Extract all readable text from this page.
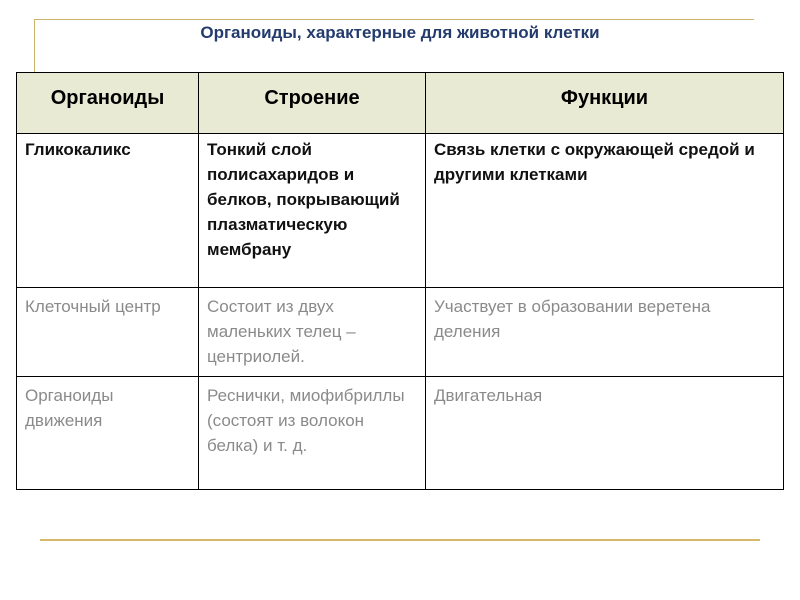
Органоиды, характерные для животной клетки
Органоиды	Строение	Функции
Гликокаликс	Тонкий слой полисахаридов и белков, покрывающий плазматическую мембрану	Связь клетки с окружающей средой и другими клетками
Клеточный центр	Состоит из двух маленьких телец – центриолей.	Участвует в образовании веретена деления
Органоиды движения	Реснички, миофибриллы (состоят из волокон белка) и т. д.	Двигательная
